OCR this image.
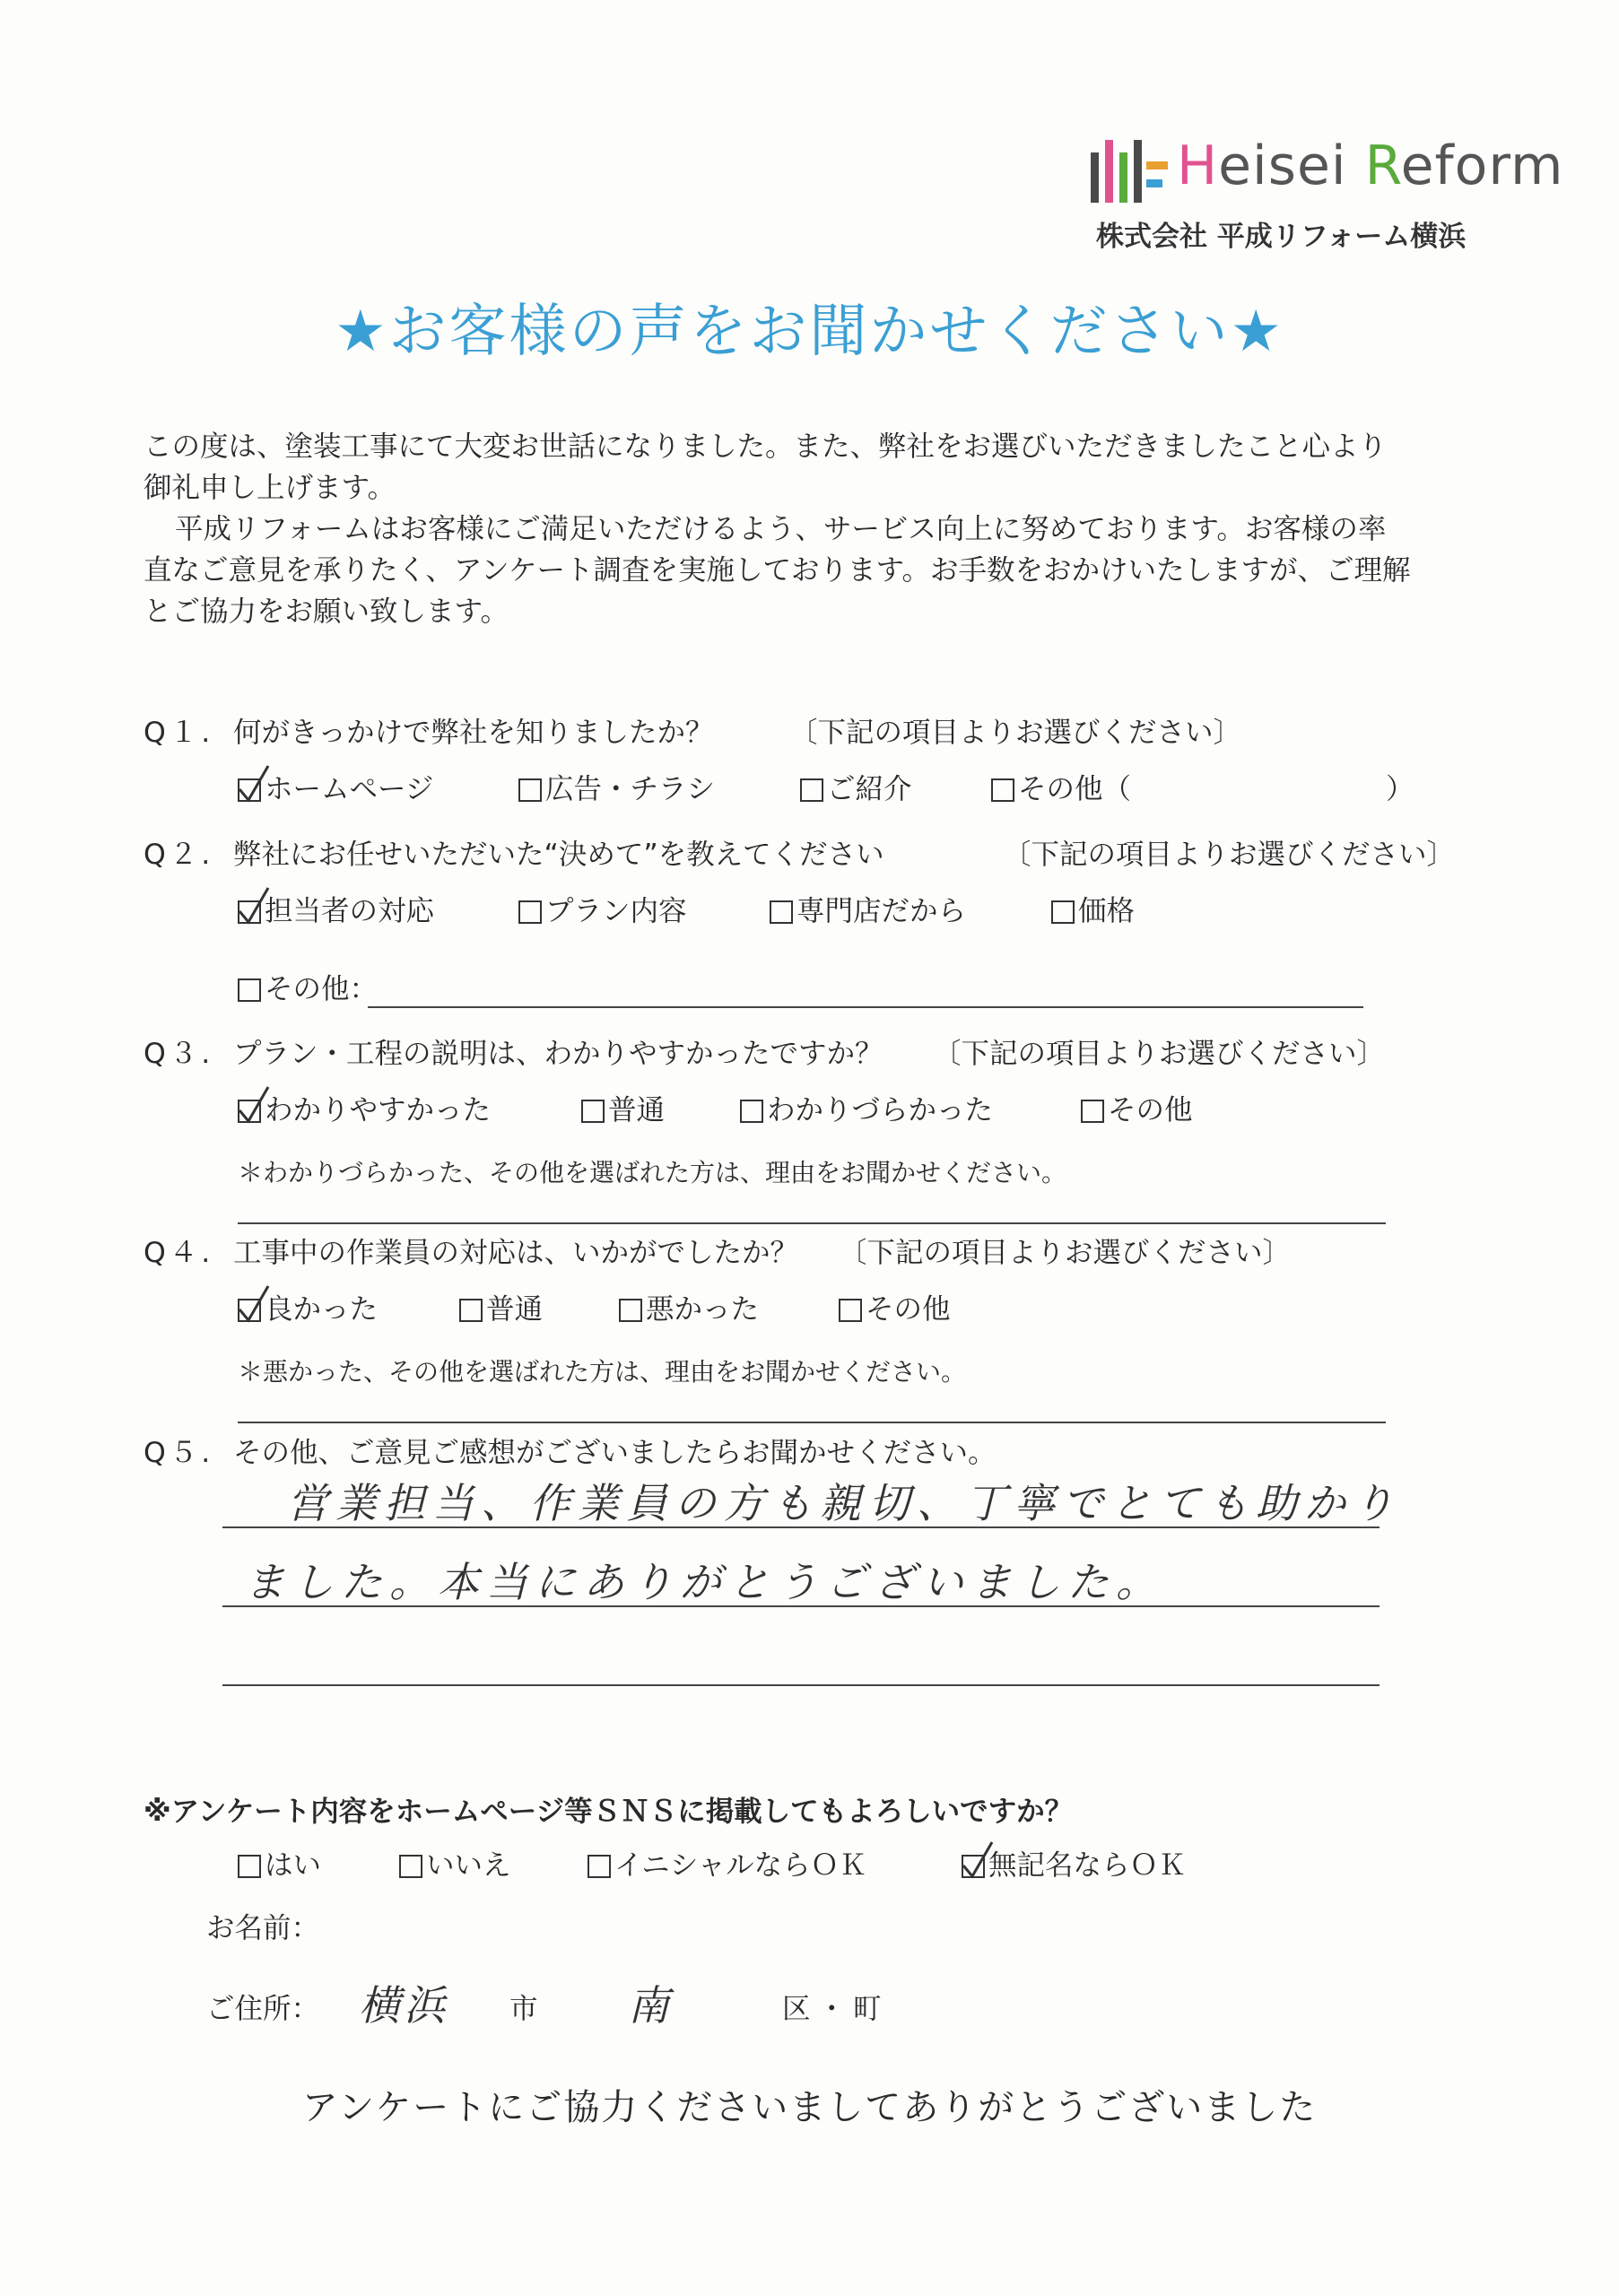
Heisei Reform
株式会社 平成リフォーム横浜
★お客様の声をお聞かせください★
この度は、塗装工事にて大変お世話になりました。また、弊社をお選びいただきましたこと心より
御礼申し上げます。
平成リフォームはお客様にご満足いただけるよう、サービス向上に努めております。お客様の率
直なご意見を承りたく、アンケート調査を実施しております。お手数をおかけいたしますが、ご理解
とご協力をお願い致します。
Q１. 何がきっかけで弊社を知りましたか？	〔下記の項目よりお選びください〕
ホームページ	広告・チラシ	ご紹介	その他（	）
Q２. 弊社にお任せいただいた“決めて”を教えてください	〔下記の項目よりお選びください〕
担当者の対応	プラン内容	専門店だから	価格
その他：
Q３. プラン・工程の説明は、わかりやすかったですか？ 〔下記の項目よりお選びください〕
わかりやすかった	普通	わかりづらかった	その他
＊わかりづらかった、その他を選ばれた方は、理由をお聞かせください。
Q４. 工事中の作業員の対応は、いかがでしたか？ 〔下記の項目よりお選びください〕
良かった	普通	悪かった	その他
＊悪かった、その他を選ばれた方は、理由をお聞かせください。
Q５. その他、ご意見ご感想がございましたらお聞かせください。
営業担当、作業員の方も親切、丁寧でとても助かり
ました。本当にありがとうございました。
※アンケート内容をホームページ等ＳＮＳに掲載してもよろしいですか？
はい	いいえ	イニシャルならＯＫ	無記名ならＯＫ
お名前：
ご住所： 横浜 市 南	区・町
アンケートにご協力くださいましてありがとうございました
